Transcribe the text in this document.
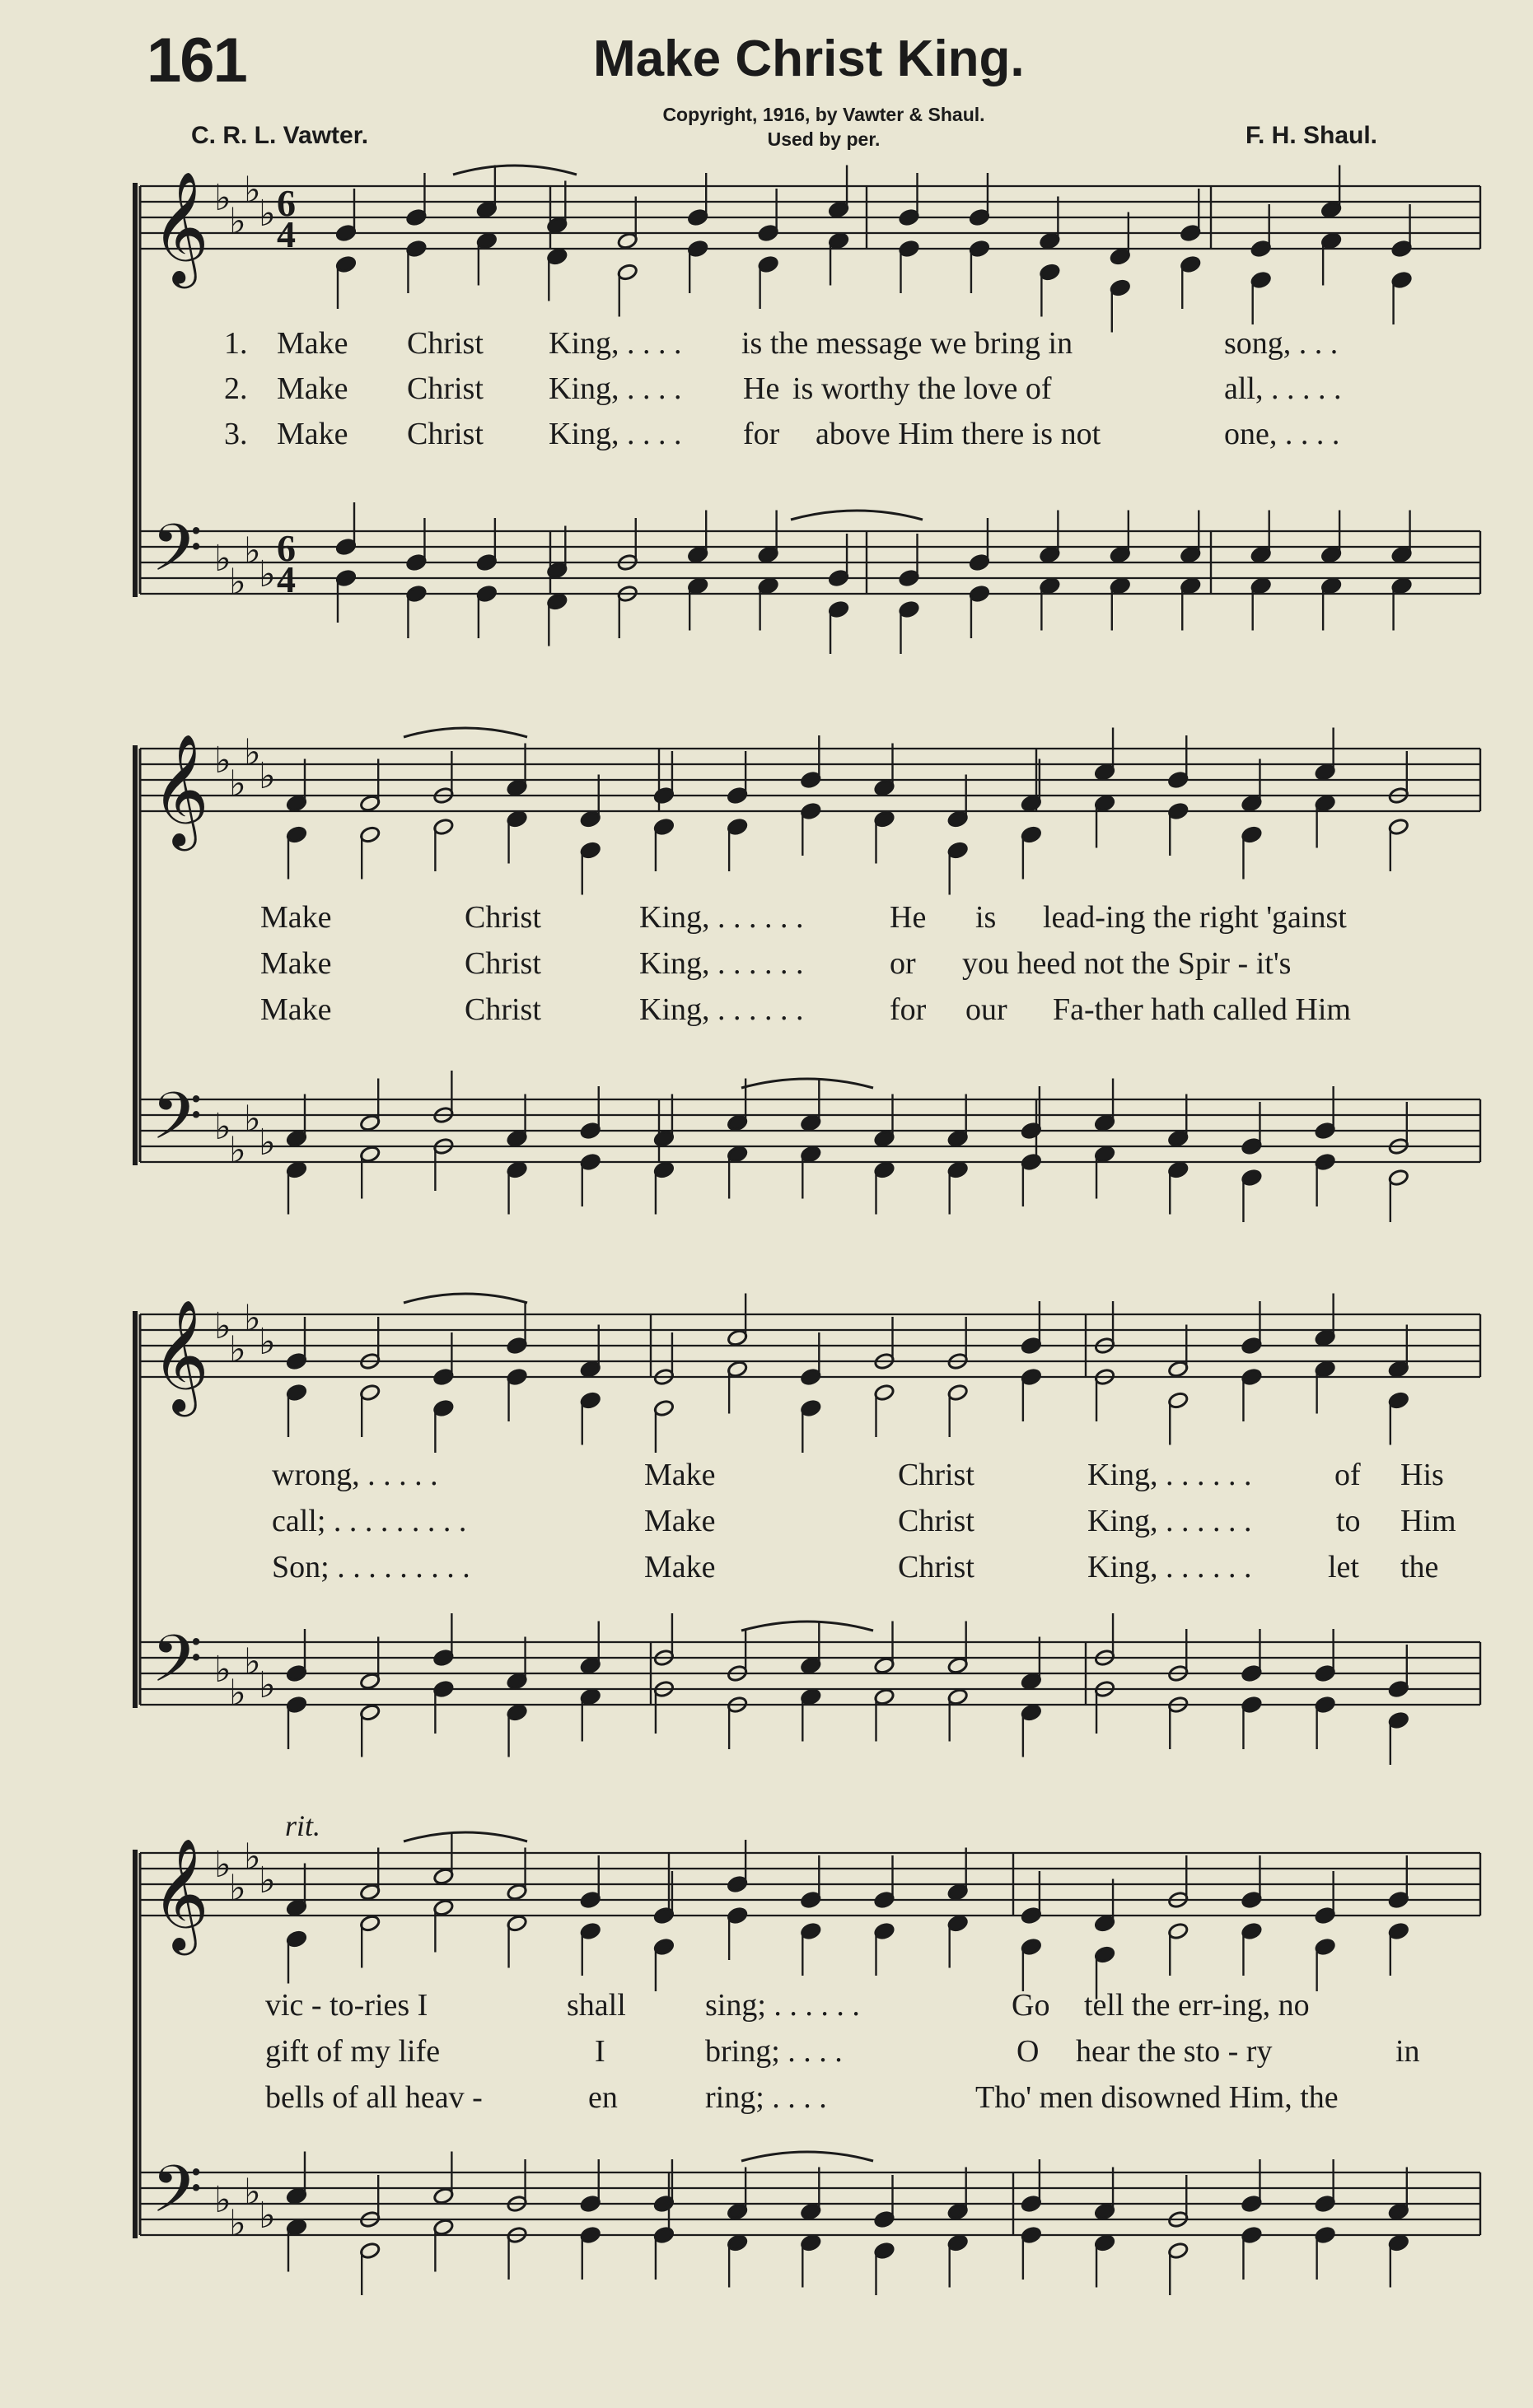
161	Make Christ King.
Copyright, 1916, by Vawter & Shaul.
Used by per.
C. R. L. Vawter.	F. H. Shaul.
𝄞
𝄢
♭
♭
♭
♭
♭
♭
♭
♭
6
4
6
4
𝄞
𝄢
♭
♭
♭
♭
♭
♭
♭
♭
𝄞
𝄢
♭
♭
♭
♭
♭
♭
♭
♭
𝄞
𝄢
♭
♭
♭
♭
♭
♭
♭
♭
rit.
1. Make Christ King, . . . . is the message we bring in	song, . . .
2. Make Christ King, . . . . He is worthy the love of	all, . . . . .
3. Make Christ King, . . . . for above Him there is not	one, . . . .
Make	Christ	King, . . . . . .	He is lead-ing the right 'gainst
Make	Christ	King, . . . . . .	or you heed not the Spir - it's
Make	Christ	King, . . . . . .	for our Fa-ther hath called Him
wrong, . . . . .	Make	Christ	King, . . . . . .	of His
call; . . . . . . . . .	Make	Christ	King, . . . . . .	to Him
Son; . . . . . . . . .	Make	Christ	King, . . . . . . let the
vic - to-ries I	shall	sing; . . . . . .	Go tell the err-ing, no
gift of my life	I	bring; . . . .	O hear the sto - ry	in
bells of all heav -	en	ring; . . . .	Tho' men disowned Him, the
